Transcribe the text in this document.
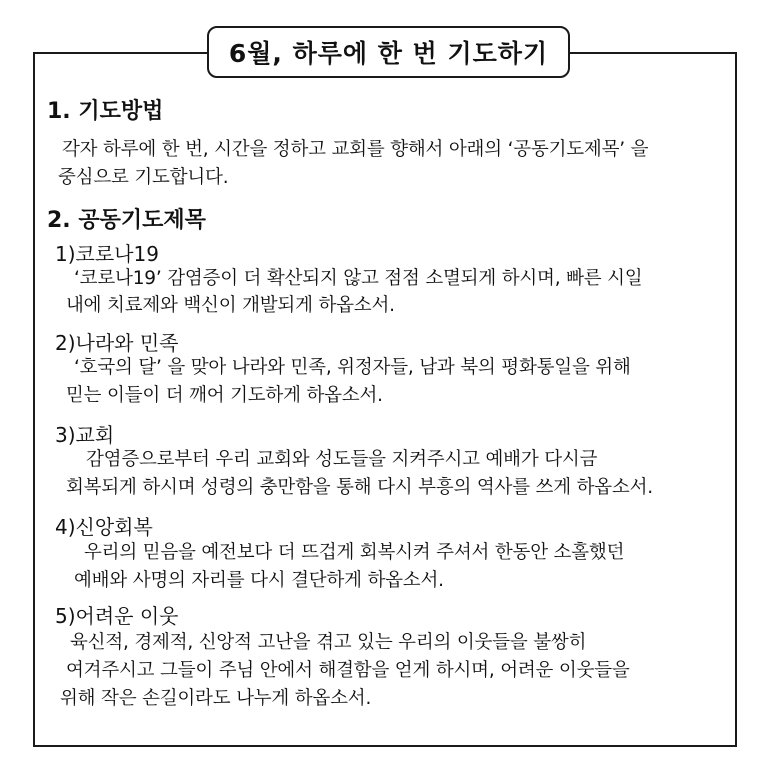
6월, 하루에 한 번 기도하기
1. 기도방법
각자 하루에 한 번, 시간을 정하고 교회를 향해서 아래의 ‘공동기도제목’ 을
중심으로 기도합니다.
2. 공동기도제목
1)코로나19
‘코로나19’ 감염증이 더 확산되지 않고 점점 소멸되게 하시며, 빠른 시일
내에 치료제와 백신이 개발되게 하옵소서.
2)나라와 민족
‘호국의 달’ 을 맞아 나라와 민족, 위정자들, 남과 북의 평화통일을 위해
믿는 이들이 더 깨어 기도하게 하옵소서.
3)교회
감염증으로부터 우리 교회와 성도들을 지켜주시고 예배가 다시금
회복되게 하시며 성령의 충만함을 통해 다시 부흥의 역사를 쓰게 하옵소서.
4)신앙회복
우리의 믿음을 예전보다 더 뜨겁게 회복시켜 주셔서 한동안 소홀했던
예배와 사명의 자리를 다시 결단하게 하옵소서.
5)어려운 이웃
육신적, 경제적, 신앙적 고난을 겪고 있는 우리의 이웃들을 불쌍히
여겨주시고 그들이 주님 안에서 해결함을 얻게 하시며, 어려운 이웃들을
위해 작은 손길이라도 나누게 하옵소서.
